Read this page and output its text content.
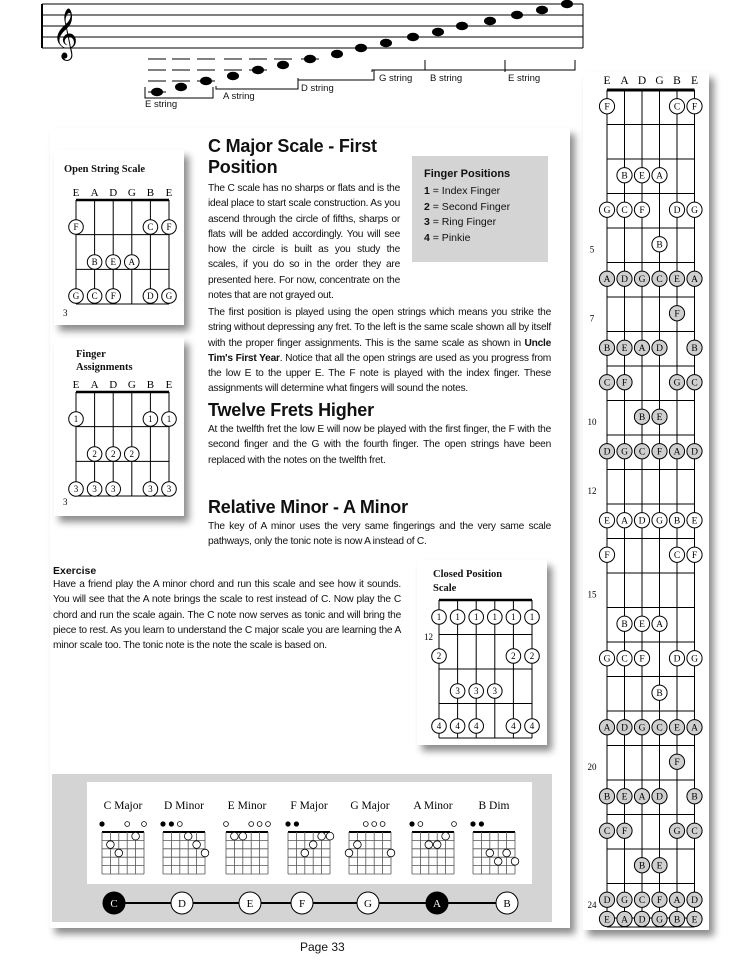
𝄞
E string
A string
D string
G string B string	E string
Open String Scale
E A D G B E
F	C F
B E A
G C F	D G
3
Finger
Assignments
E A D G B E
1	1 1
2 2 2
3 3 3	3 3
3
C Major Scale - First
Position
The C scale has no sharps or flats and is the ideal place to start scale construction. As you ascend through the circle of fifths, sharps or flats will be added accordingly. You will see how the circle is built as you study the scales, if you do so in the order they are presented here. For now, concentrate on the notes that are not grayed out.
Finger Positions
1 = Index Finger
2 = Second Finger
3 = Ring Finger
4 = Pinkie
The first position is played using the open strings which means you strike the string without depressing any fret. To the left is the same scale shown all by itself with the proper finger assignments. This is the same scale as shown in Uncle Tim's First Year. Notice that all the open strings are used as you progress from the low E to the upper E. The F note is played with the index finger. These assignments will determine what fingers will sound the notes.
Twelve Frets Higher
At the twelfth fret the low E will now be played with the first finger, the F with the second finger and the G with the fourth finger. The open strings have been replaced with the notes on the twelfth fret.
Relative Minor - A Minor
The key of A minor uses the very same fingerings and the very same scale pathways, only the tonic note is now A instead of C.
Exercise
Have a friend play the A minor chord and run this scale and see how it sounds. You will see that the A note brings the scale to rest instead of C. Now play the C chord and run the scale again. The C note now serves as tonic and will bring the piece to rest. As you learn to understand the C major scale you are learning the A minor scale too. The tonic note is the note the scale is based on.
Closed Position
Scale
1 1 1 1 1 1
2	2 2
3 3 3
4 4 4	4 4
12
C Major D Minor E Minor F Major G Major A Minor B Dim
C	D	E	F	G	A	B
E A D G B E
5
7
10
12
15
20
24
F	C F
B E A
G C F	D G
B
A D G C E A
F
B E A D	B
C F	G C
B E
D G C F A D
E A D G B E
F	C F
B E A
G C F	D G
B
A D G C E A
F
B E A D	B
C F	G C
B E
D G C F A D
E A D G B E
Page 33
